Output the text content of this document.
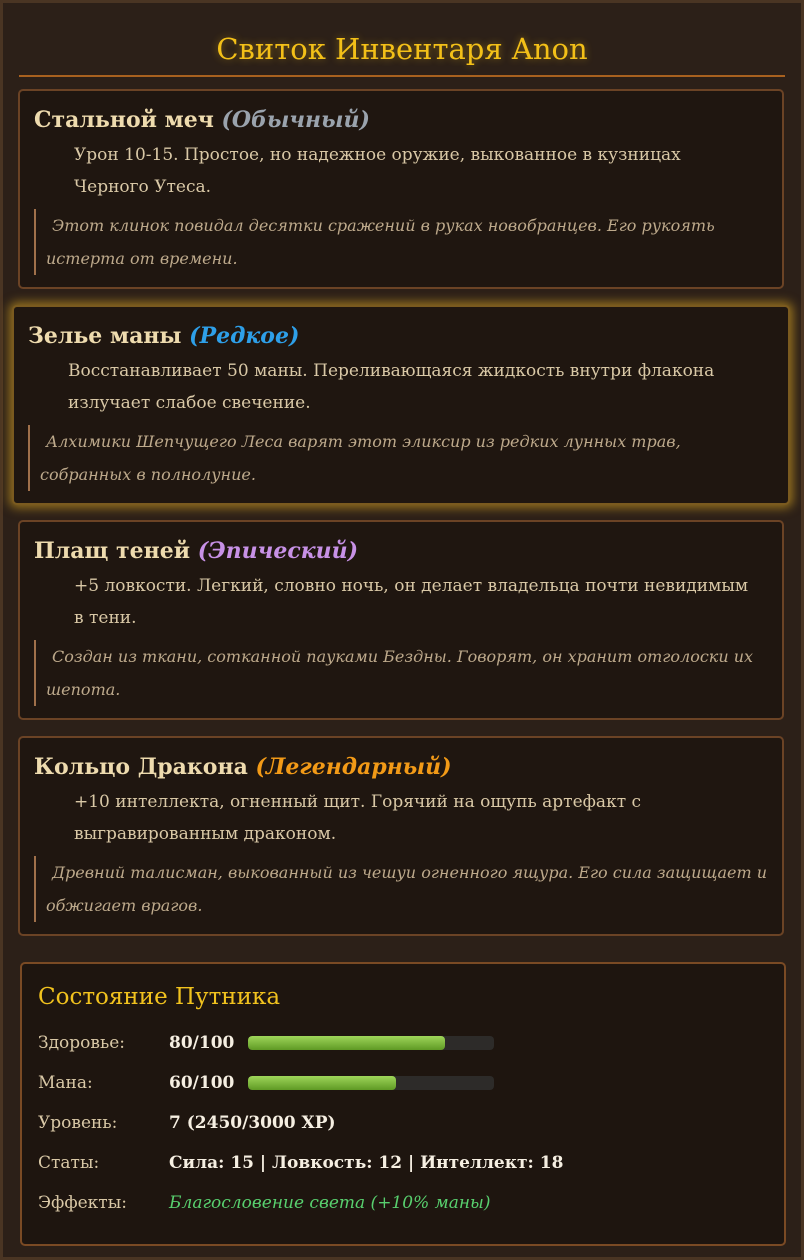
Свиток Инвентаря Anon
Стальной меч (Обычный)
Урон 10-15. Простое, но надежное оружие, выкованное в кузницах Черного Утеса.
Этот клинок повидал десятки сражений в руках новобранцев. Его рукоять истерта от времени.
Зелье маны (Редкое)
Восстанавливает 50 маны. Переливающаяся жидкость внутри флакона излучает слабое свечение.
Алхимики Шепчущего Леса варят этот эликсир из редких лунных трав, собранных в полнолуние.
Плащ теней (Эпический)
+5 ловкости. Легкий, словно ночь, он делает владельца почти невидимым в тени.
Создан из ткани, сотканной пауками Бездны. Говорят, он хранит отголоски их шепота.
Кольцо Дракона (Легендарный)
+10 интеллекта, огненный щит. Горячий на ощупь артефакт с выгравированным драконом.
Древний талисман, выкованный из чешуи огненного ящура. Его сила защищает и обжигает врагов.
Состояние Путника
Здоровье:	80/100
Мана:	60/100
Уровень:	7 (2450/3000 XP)
Статы:	Сила: 15 | Ловкость: 12 | Интеллект: 18
Эффекты: Благословение света (+10% маны)
